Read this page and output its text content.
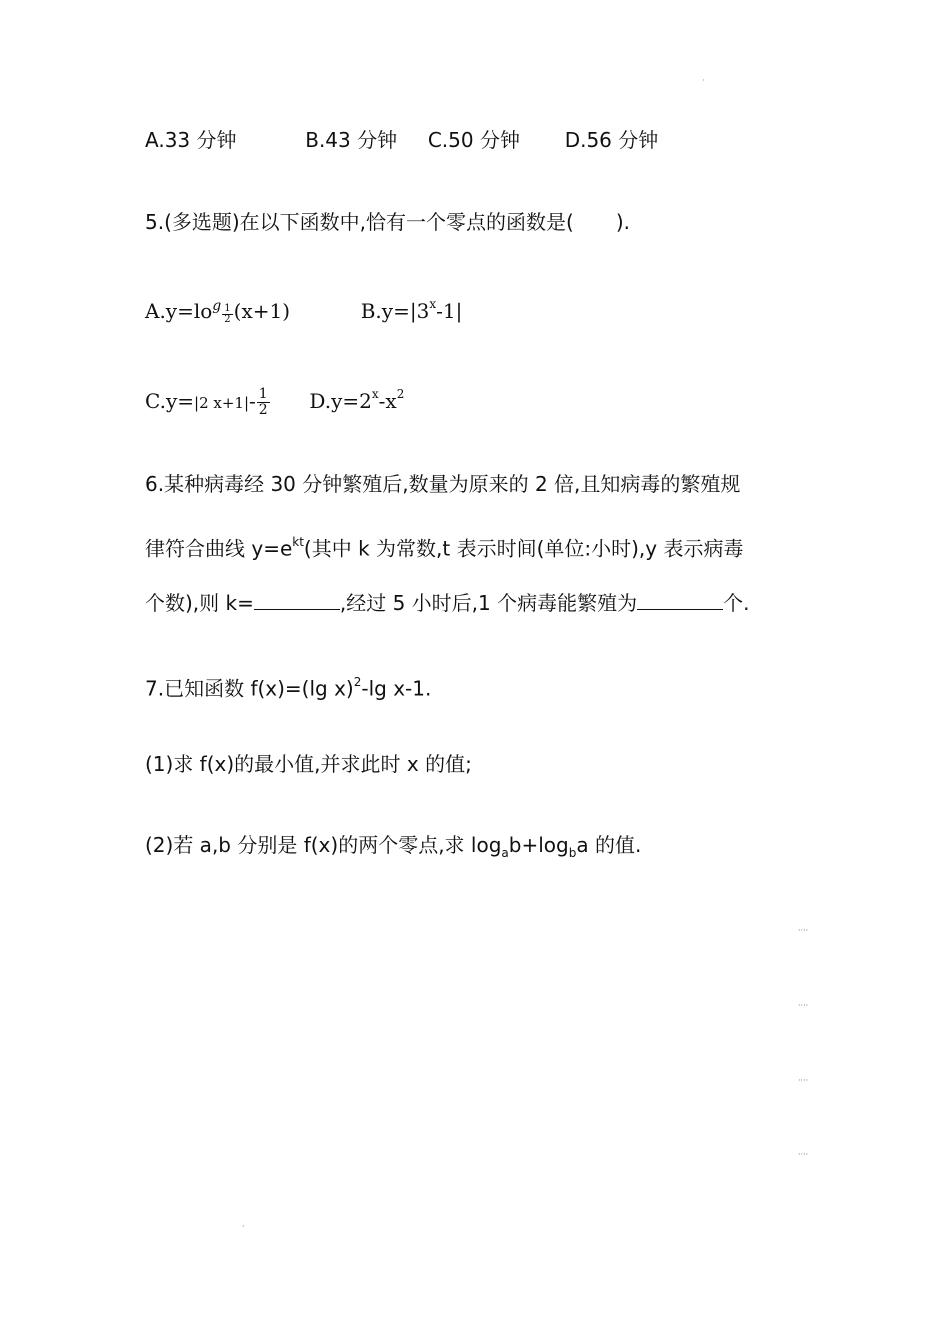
A.33 分钟	B.43 分钟 C.50 分钟 D.56 分钟
5.(多选题)在以下函数中,恰有一个零点的函数是( ).
$A.y=lo^g \frac{1}{2} (x+1)$	$B.y=|3^x-1|$
C.y=|2 $x+1|- \frac{1}{2} D.y=2^x-x^2$
6.某种病毒经 30 分钟繁殖后,数量为原来的 2 倍,且知病毒的繁殖规
律符合曲线 $y=e^{kt}$(其中 k 为常数,t 表示时间(单位:小时),y 表示病毒
个数),则 k=	,经过 5 小时后,1 个病毒能繁殖为	个.
7.已知函数 f(x)=(lg x)$^2$-lg x-1.
(1)求 f(x)的最小值,并求此时 x 的值;
(2)若 a,b 分别是 f(x)的两个零点,求 $\log_ab+\log_ba$ 的值.
·
····
····
····
····
·
